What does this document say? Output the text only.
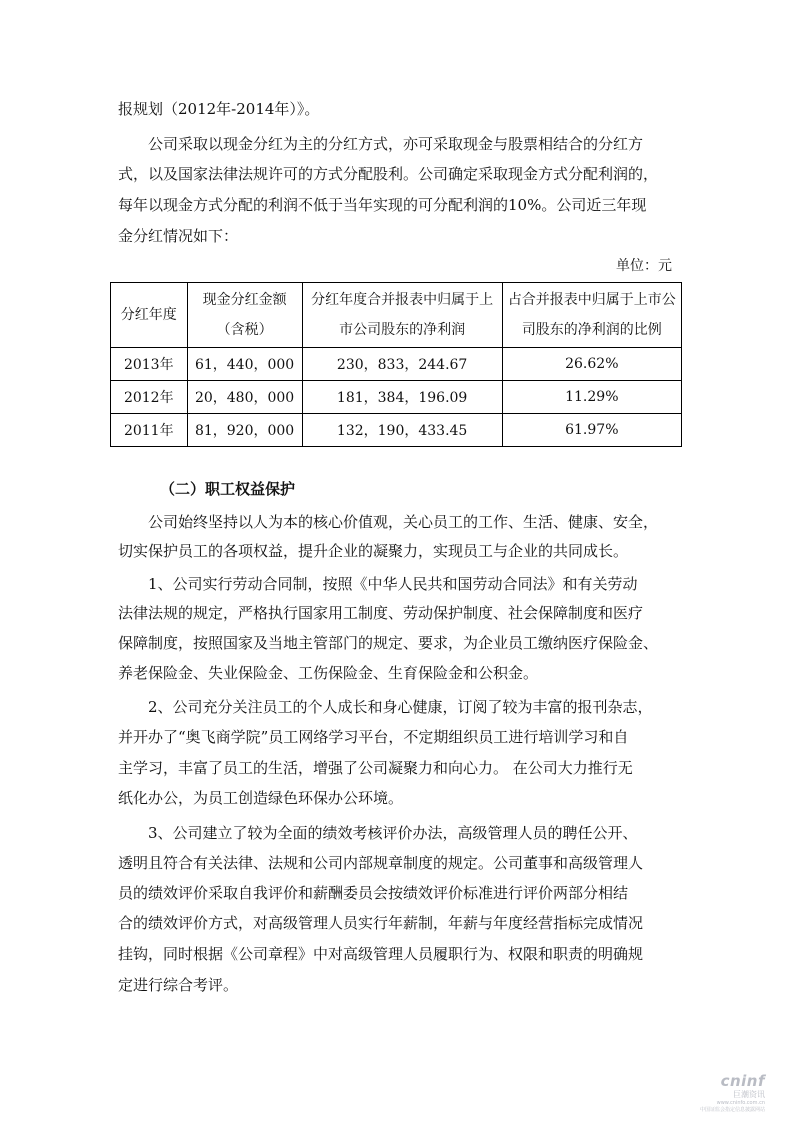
报规划（2012年-2014年）》。
　　公司采取以现金分红为主的分红方式，亦可采取现金与股票相结合的分红方
式，以及国家法律法规许可的方式分配股利。公司确定采取现金方式分配利润的，
每年以现金方式分配的利润不低于当年实现的可分配利润的10%。公司近三年现
金分红情况如下：
单位：元
分红年度	现金分红金额（含税）	分红年度合并报表中归属于上市公司股东的净利润	占合并报表中归属于上市公司股东的净利润的比例
2013年	61，440，000	230，833，244.67	26.62%
2012年	20，480，000	181，384，196.09	11.29%
2011年	81，920，000	132，190，433.45	61.97%
（二）职工权益保护
　　公司始终坚持以人为本的核心价值观，关心员工的工作、生活、健康、安全，
切实保护员工的各项权益，提升企业的凝聚力，实现员工与企业的共同成长。
　　1、公司实行劳动合同制，按照《中华人民共和国劳动合同法》和有关劳动
法律法规的规定，严格执行国家用工制度、劳动保护制度、社会保障制度和医疗
保障制度，按照国家及当地主管部门的规定、要求，为企业员工缴纳医疗保险金、
养老保险金、失业保险金、工伤保险金、生育保险金和公积金。
　　2、公司充分关注员工的个人成长和身心健康，订阅了较为丰富的报刊杂志，
并开办了“奥飞商学院”员工网络学习平台，不定期组织员工进行培训学习和自
主学习，丰富了员工的生活，增强了公司凝聚力和向心力。 在公司大力推行无
纸化办公，为员工创造绿色环保办公环境。
　　3、公司建立了较为全面的绩效考核评价办法，高级管理人员的聘任公开、
透明且符合有关法律、法规和公司内部规章制度的规定。公司董事和高级管理人
员的绩效评价采取自我评价和薪酬委员会按绩效评价标准进行评价两部分相结
合的绩效评价方式，对高级管理人员实行年薪制，年薪与年度经营指标完成情况
挂钩，同时根据《公司章程》中对高级管理人员履职行为、权限和职责的明确规
定进行综合考评。
cninf
巨潮资讯
www.cninfo.com.cn
中国证监会指定信息披露网站
